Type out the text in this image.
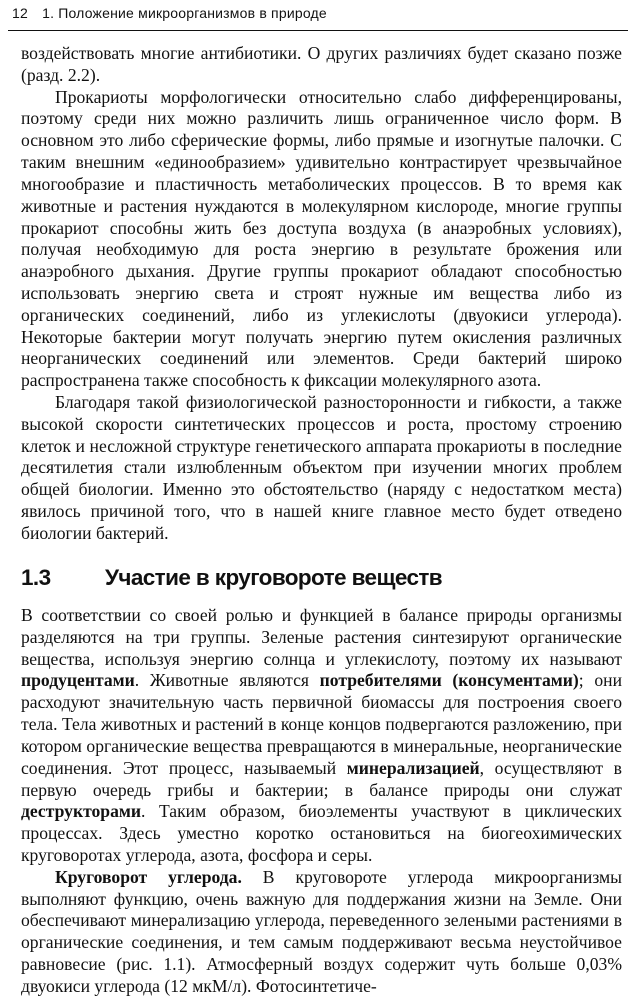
12 1. Положение микроорганизмов в природе

воздействовать многие антибиотики. О других различиях будет сказано позже (разд. 2.2).

Прокариоты морфологически относительно слабо дифференцированы, поэтому среди них можно различить лишь ограниченное число форм. В основном это либо сферические формы, либо прямые и изогнутые палочки. С таким внешним «единообразием» удивительно контрастирует чрезвычайное многообразие и пластичность метаболических процессов. В то время как животные и растения нуждаются в молекулярном кислороде, многие группы прокариот способны жить без доступа воздуха (в анаэробных условиях), получая необходимую для роста энергию в результате брожения или анаэробного дыхания. Другие группы прокариот обладают способностью использовать энергию света и строят нужные им вещества либо из органических соединений, либо из углекислоты (двуокиси углерода). Некоторые бактерии могут получать энергию путем окисления различных неорганических соединений или элементов. Среди бактерий широко распространена также способность к фиксации молекулярного азота.

Благодаря такой физиологической разносторонности и гибкости, а также высокой скорости синтетических процессов и роста, простому строению клеток и несложной структуре генетического аппарата прокариоты в последние десятилетия стали излюбленным объектом при изучении многих проблем общей биологии. Именно это обстоятельство (наряду с недостатком места) явилось причиной того, что в нашей книге главное место будет отведено биологии бактерий.

1.3 Участие в круговороте веществ

В соответствии со своей ролью и функцией в балансе природы организмы разделяются на три группы. Зеленые растения синтезируют органические вещества, используя энергию солнца и углекислоту, поэтому их называют продуцентами. Животные являются потребителями (консументами); они расходуют значительную часть первичной биомассы для построения своего тела. Тела животных и растений в конце концов подвергаются разложению, при котором органические вещества превращаются в минеральные, неорганические соединения. Этот процесс, называемый минерализацией, осуществляют в первую очередь грибы и бактерии; в балансе природы они служат деструкторами. Таким образом, биоэлементы участвуют в циклических процессах. Здесь уместно коротко остановиться на биогеохимических круговоротах углерода, азота, фосфора и серы.

Круговорот углерода. В круговороте углерода микроорганизмы выполняют функцию, очень важную для поддержания жизни на Земле. Они обеспечивают минерализацию углерода, переведенного зелеными растениями в органические соединения, и тем самым поддерживают весьма неустойчивое равновесие (рис. 1.1). Атмосферный воздух содержит чуть больше 0,03% двуокиси углерода (12 мкМ/л). Фотосинтетиче-
